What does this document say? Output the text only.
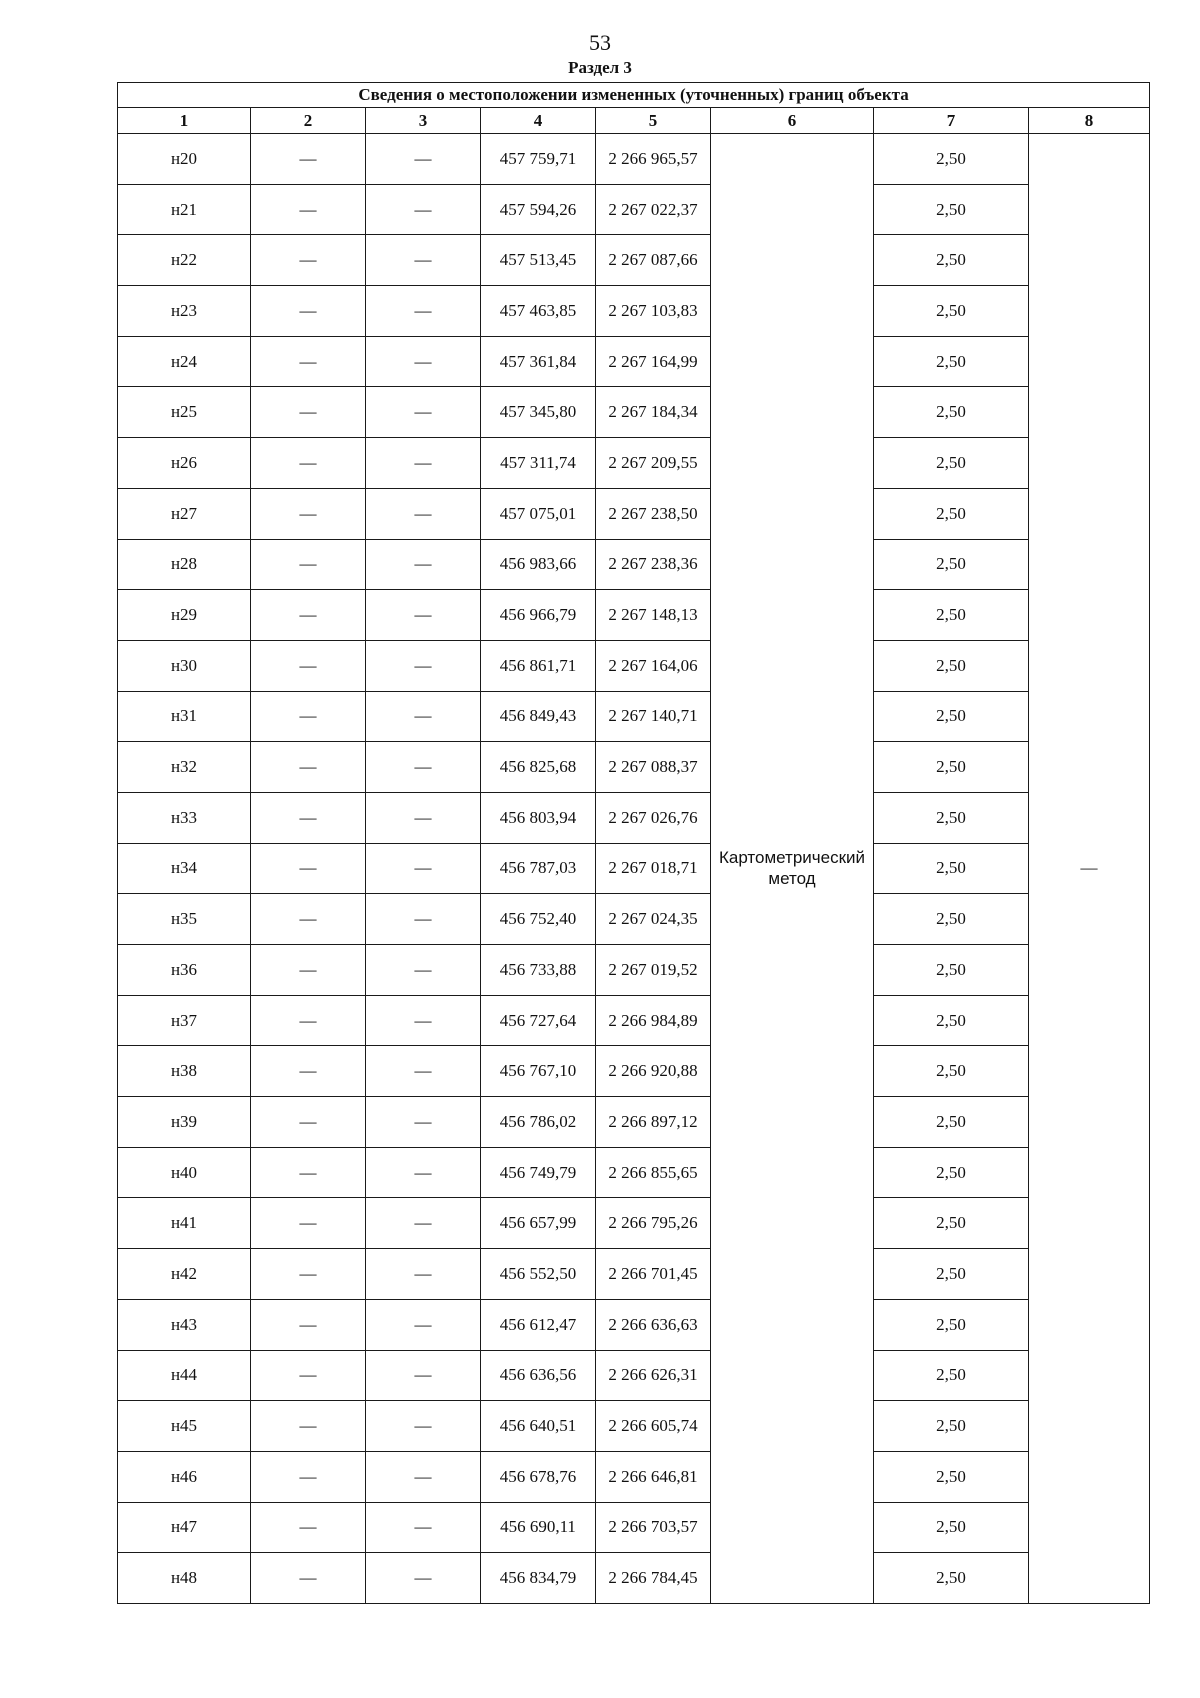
53
Раздел 3
Сведения о местоположении измененных (уточненных) границ объекта							
1	2	3	4	5	6	7	8
н20	—	—	457 759,71	2 266 965,57	Картометрический метод	2,50	—
н21	—	—	457 594,26	2 267 022,37		2,50	
н22	—	—	457 513,45	2 267 087,66		2,50	
н23	—	—	457 463,85	2 267 103,83		2,50	
н24	—	—	457 361,84	2 267 164,99		2,50	
н25	—	—	457 345,80	2 267 184,34		2,50	
н26	—	—	457 311,74	2 267 209,55		2,50	
н27	—	—	457 075,01	2 267 238,50		2,50	
н28	—	—	456 983,66	2 267 238,36		2,50	
н29	—	—	456 966,79	2 267 148,13		2,50	
н30	—	—	456 861,71	2 267 164,06		2,50	
н31	—	—	456 849,43	2 267 140,71		2,50	
н32	—	—	456 825,68	2 267 088,37		2,50	
н33	—	—	456 803,94	2 267 026,76		2,50	
н34	—	—	456 787,03	2 267 018,71		2,50	
н35	—	—	456 752,40	2 267 024,35		2,50	
н36	—	—	456 733,88	2 267 019,52		2,50	
н37	—	—	456 727,64	2 266 984,89		2,50	
н38	—	—	456 767,10	2 266 920,88		2,50	
н39	—	—	456 786,02	2 266 897,12		2,50	
н40	—	—	456 749,79	2 266 855,65		2,50	
н41	—	—	456 657,99	2 266 795,26		2,50	
н42	—	—	456 552,50	2 266 701,45		2,50	
н43	—	—	456 612,47	2 266 636,63		2,50	
н44	—	—	456 636,56	2 266 626,31		2,50	
н45	—	—	456 640,51	2 266 605,74		2,50	
н46	—	—	456 678,76	2 266 646,81		2,50	
н47	—	—	456 690,11	2 266 703,57		2,50	
н48	—	—	456 834,79	2 266 784,45		2,50	
